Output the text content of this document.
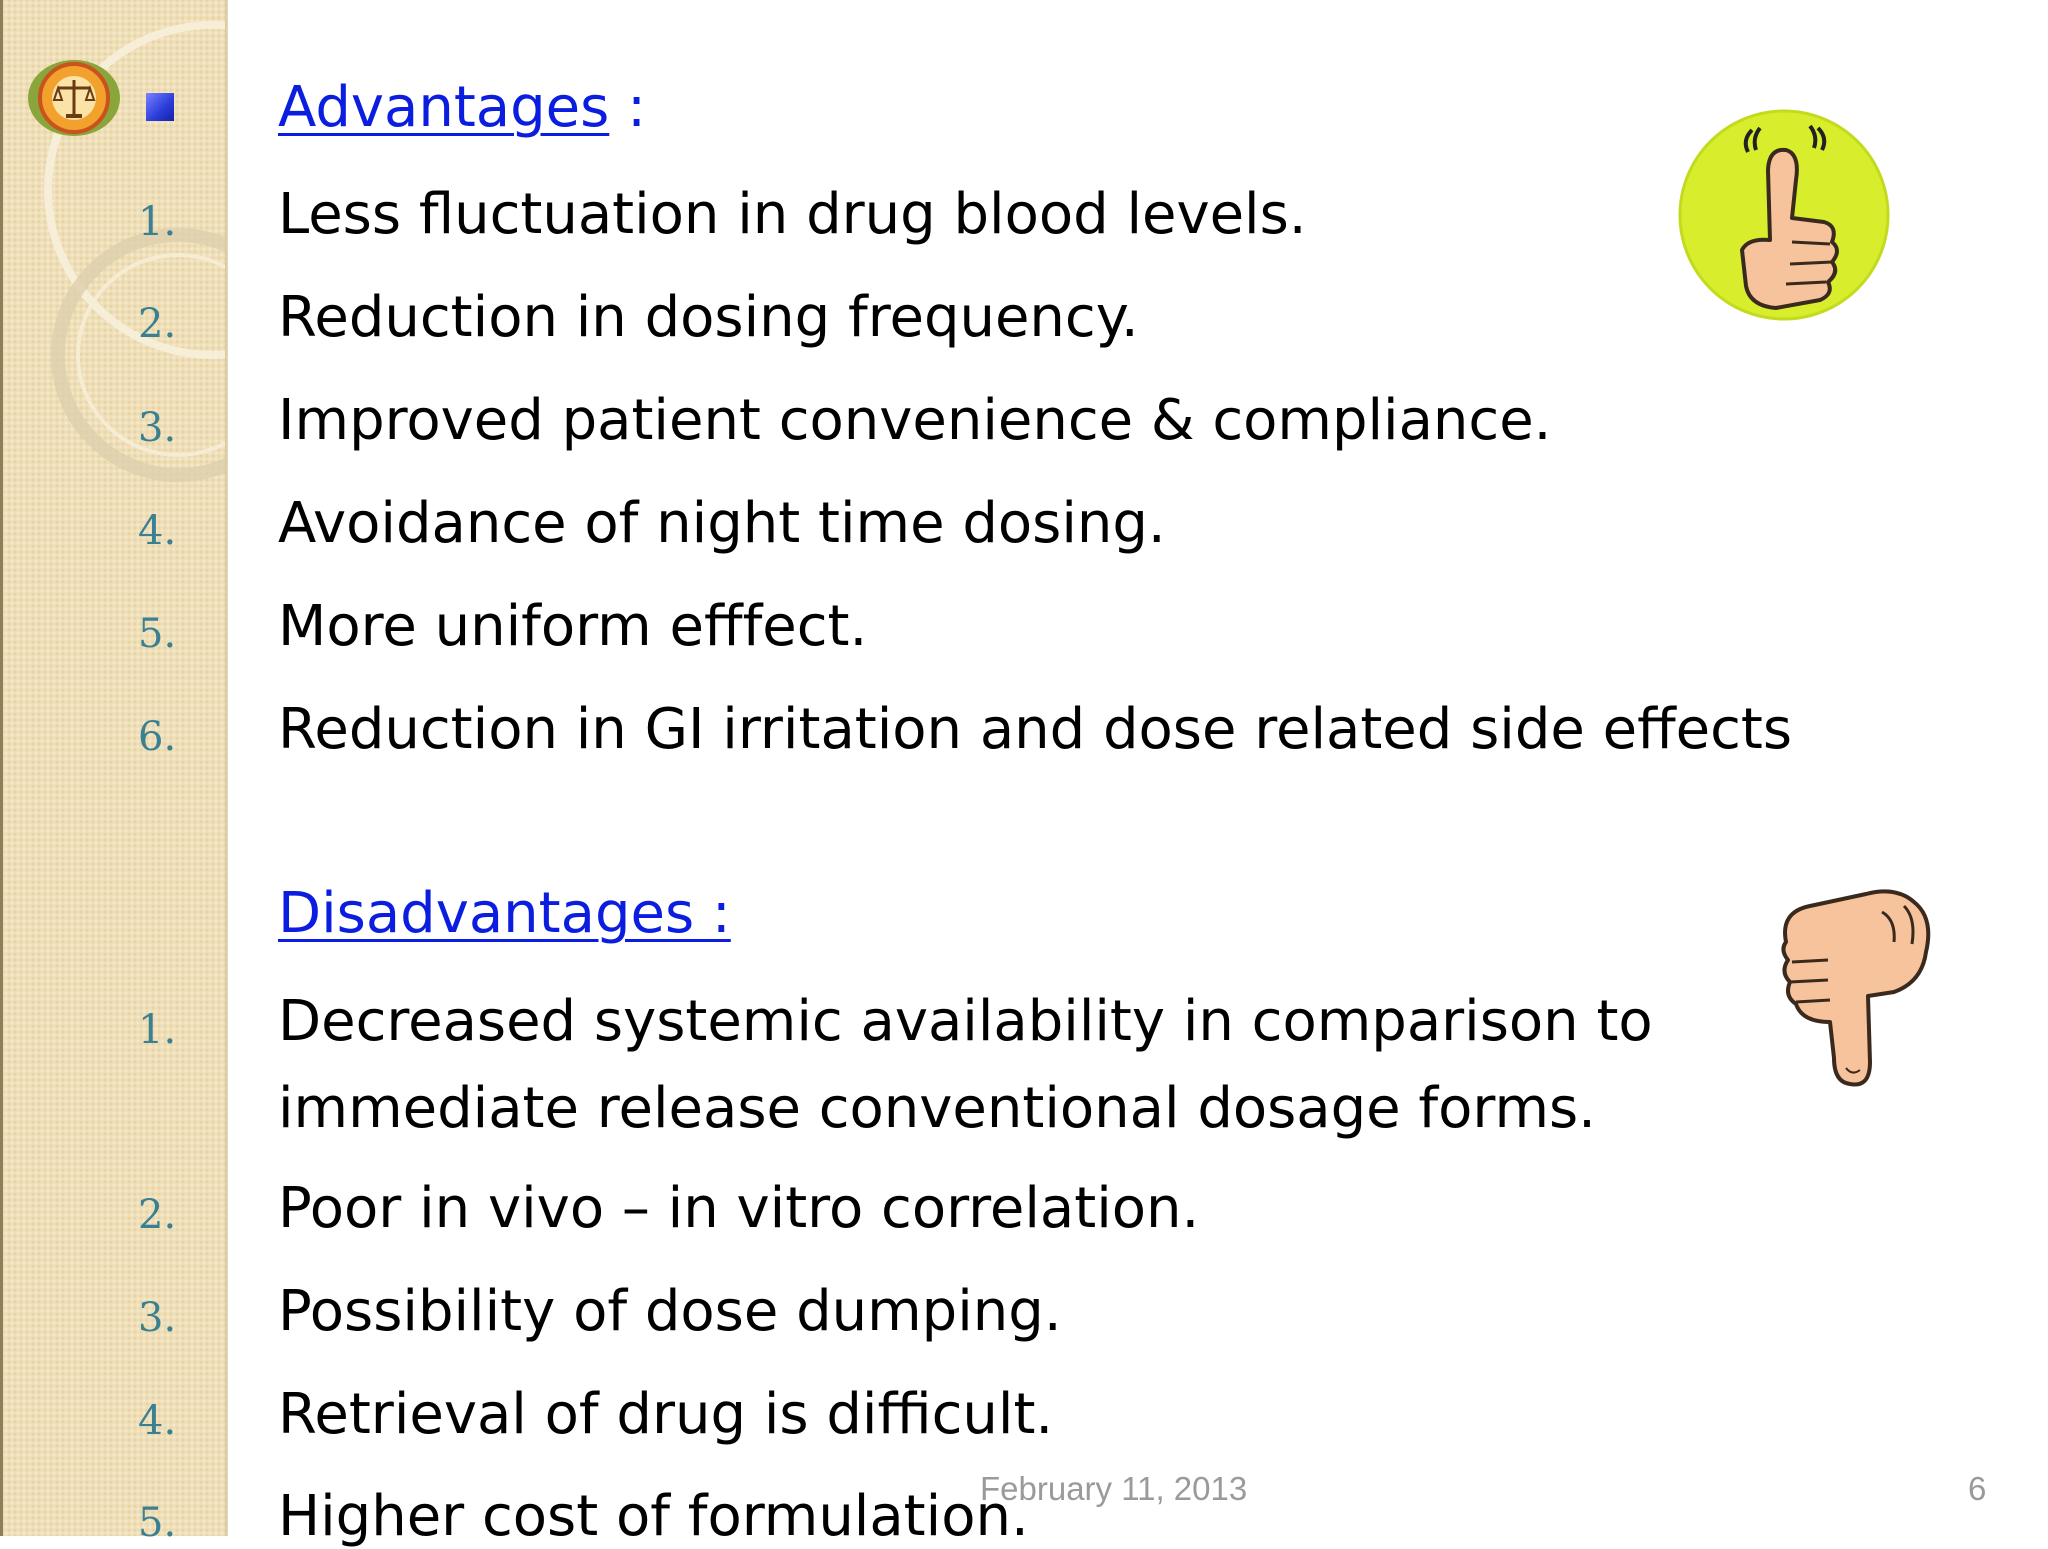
Advantages :
1.	Less fluctuation in drug blood levels.
2.	Reduction in dosing frequency.
3.	Improved patient convenience & compliance.
4.	Avoidance of night time dosing.
5.	More uniform efffect.
6.	Reduction in GI irritation and dose related side effects
Disadvantages :
1.	Decreased systemic availability in comparison to
immediate release conventional dosage forms.
2.	Poor in vivo – in vitro correlation.
3.	Possibility of dose dumping.
4.	Retrieval of drug is difficult.
5.	Higher cost of formulation.
February 11, 2013	6
